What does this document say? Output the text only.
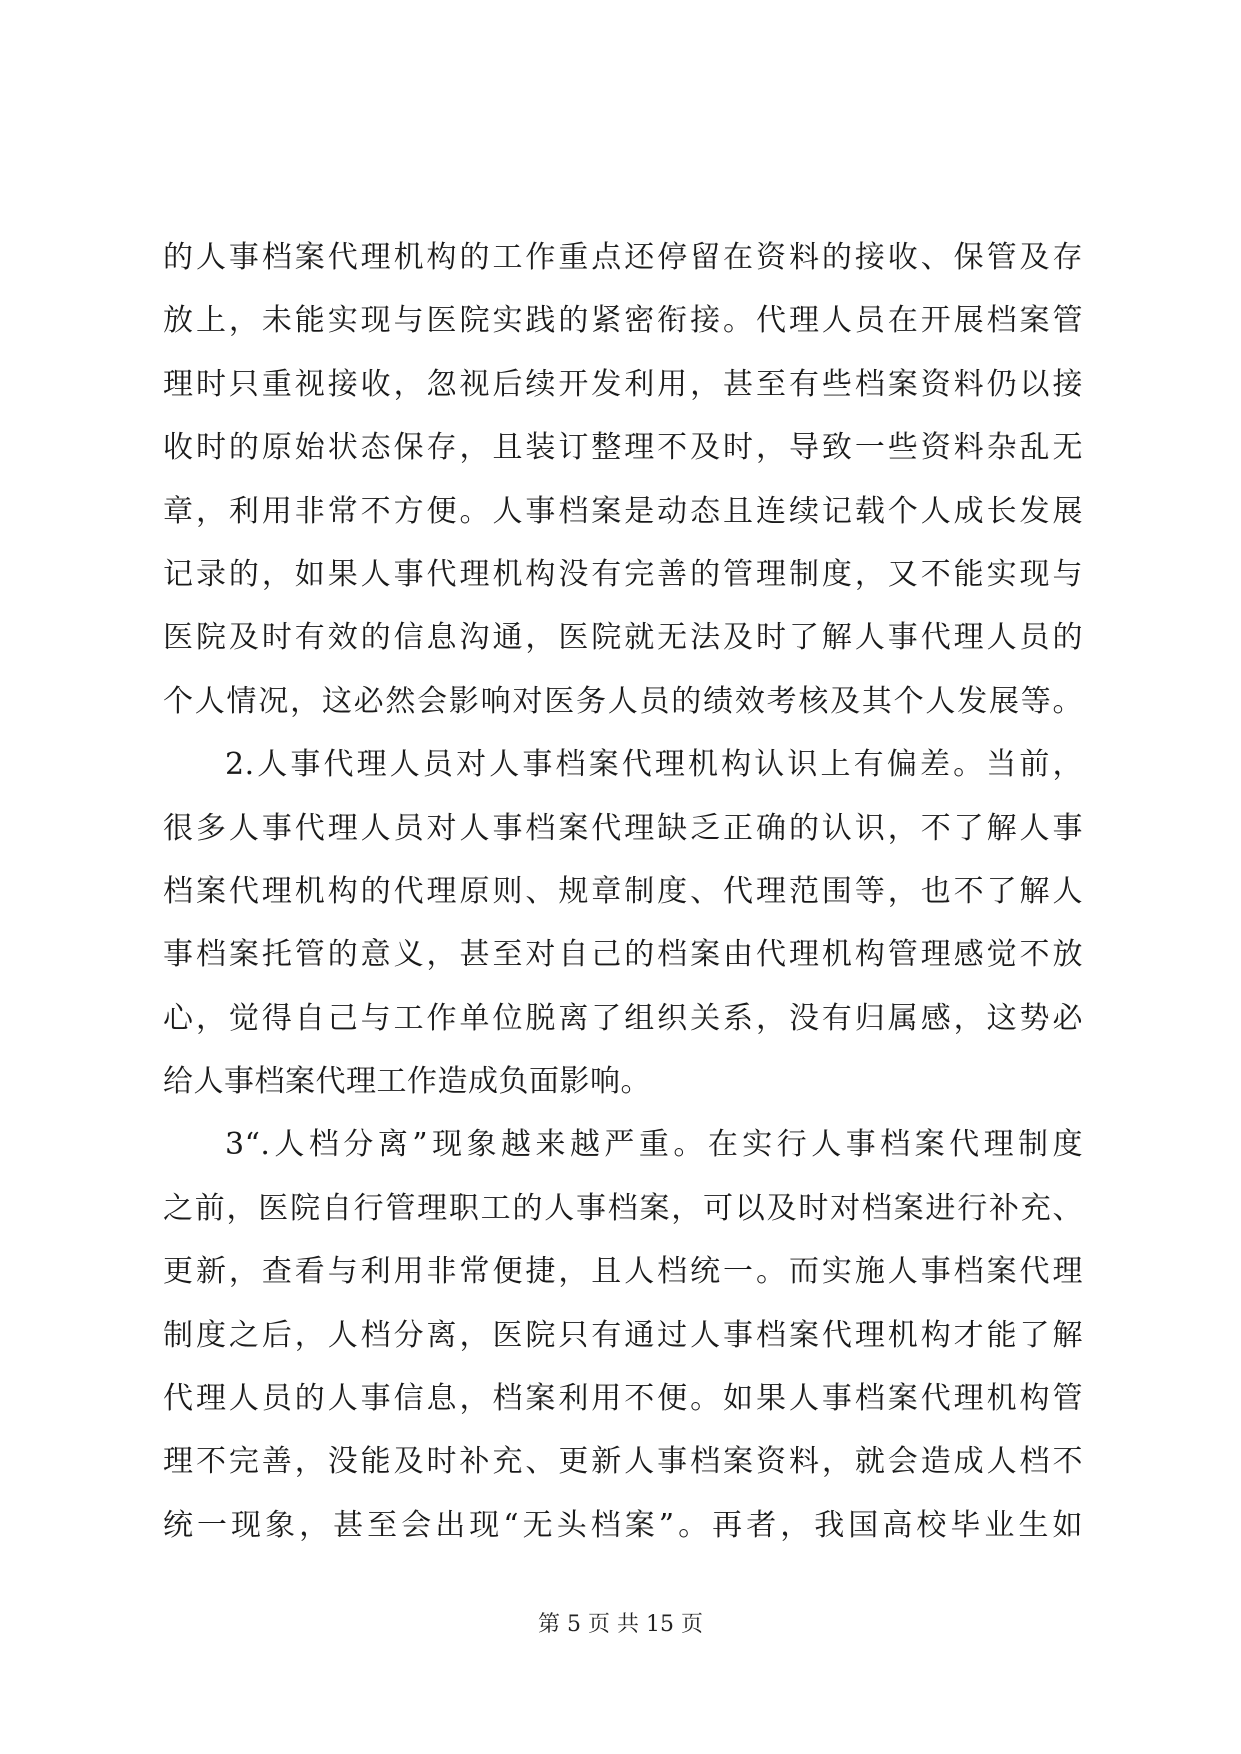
的人事档案代理机构的工作重点还停留在资料的接收、保管及存
放上，未能实现与医院实践的紧密衔接。代理人员在开展档案管
理时只重视接收，忽视后续开发利用，甚至有些档案资料仍以接
收时的原始状态保存，且装订整理不及时，导致一些资料杂乱无
章，利用非常不方便。人事档案是动态且连续记载个人成长发展
记录的，如果人事代理机构没有完善的管理制度，又不能实现与
医院及时有效的信息沟通，医院就无法及时了解人事代理人员的
个人情况，这必然会影响对医务人员的绩效考核及其个人发展等。
2.人事代理人员对人事档案代理机构认识上有偏差。当前，
很多人事代理人员对人事档案代理缺乏正确的认识，不了解人事
档案代理机构的代理原则、规章制度、代理范围等，也不了解人
事档案托管的意义，甚至对自己的档案由代理机构管理感觉不放
心，觉得自己与工作单位脱离了组织关系，没有归属感，这势必
给人事档案代理工作造成负面影响。
3“.人档分离”现象越来越严重。在实行人事档案代理制度
之前，医院自行管理职工的人事档案，可以及时对档案进行补充、
更新，查看与利用非常便捷，且人档统一。而实施人事档案代理
制度之后，人档分离，医院只有通过人事档案代理机构才能了解
代理人员的人事信息，档案利用不便。如果人事档案代理机构管
理不完善，没能及时补充、更新人事档案资料，就会造成人档不
统一现象，甚至会出现“无头档案”。再者，我国高校毕业生如
第 5 页 共 15 页
